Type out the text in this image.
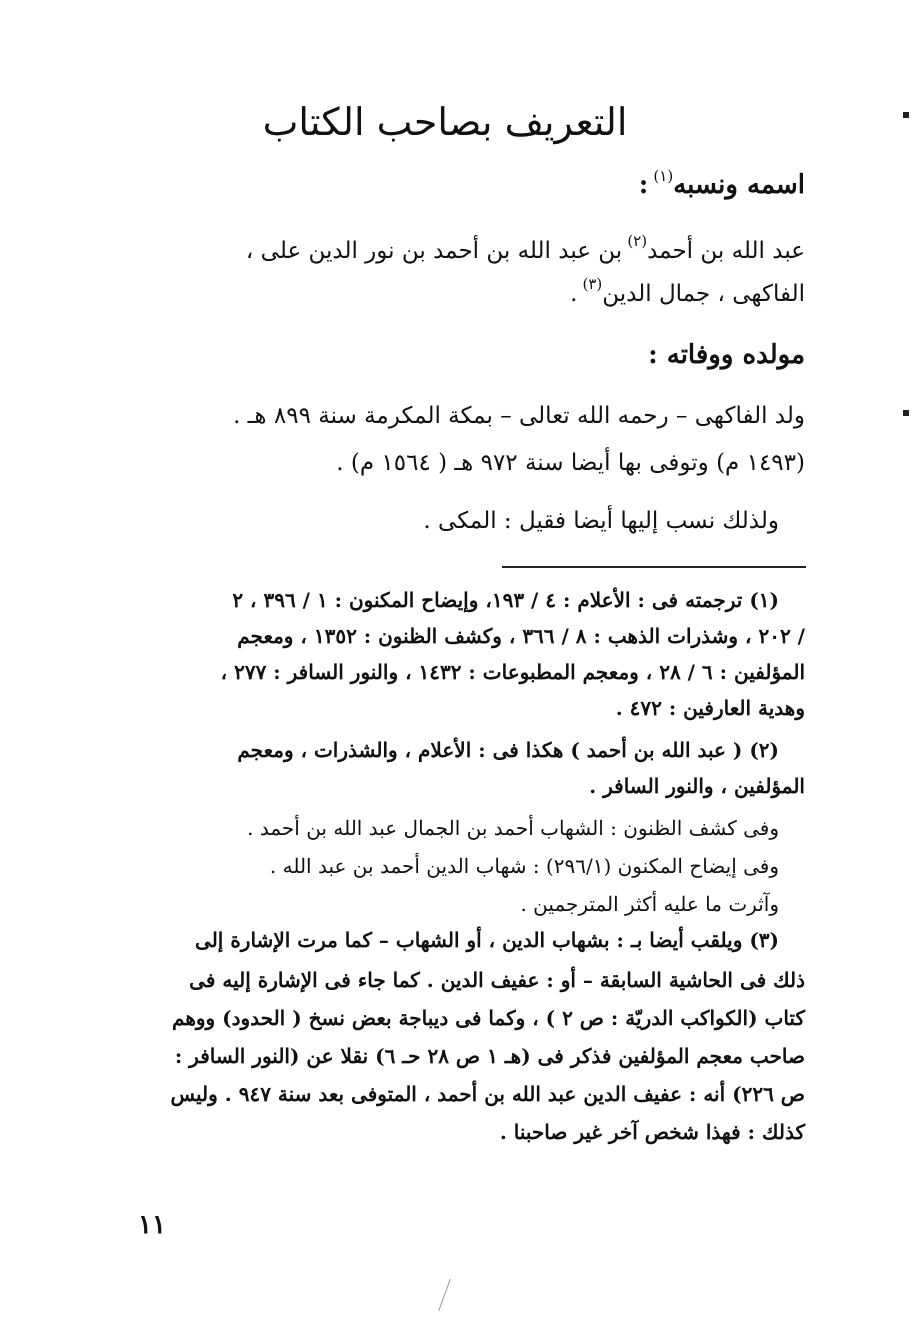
التعريف بصاحب الكتاب
اسمه ونسبه$^{(١)}$ :
عبد الله بن أحمد$^{(٢)}$ بن عبد الله بن أحمد بن نور الدين على ،
الفاكهى ، جمال الدين$^{(٣)}$ .
مولده ووفاته :
ولد الفاكهى – رحمه الله تعالى – بمكة المكرمة سنة ٨٩٩ هـ .
(١٤٩٣ م) وتوفى بها أيضا سنة ٩٧٢ هـ ( ١٥٦٤ م) .
ولذلك نسب إليها أيضا فقيل : المكى .
(١) ترجمته فى : الأعلام : ٤ / ١٩٣، وإيضاح المكنون : ١ / ٣٩٦ ، ٢
/ ٢٠٢ ، وشذرات الذهب : ٨ / ٣٦٦ ، وكشف الظنون : ١٣٥٢ ، ومعجم
المؤلفين : ٦ / ٢٨ ، ومعجم المطبوعات : ١٤٣٢ ، والنور السافر : ٢٧٧ ،
وهدية العارفين : ٤٧٢ .
(٢) ( عبد الله بن أحمد ) هكذا فى : الأعلام ، والشذرات ، ومعجم
المؤلفين ، والنور السافر .
وفى كشف الظنون : الشهاب أحمد بن الجمال عبد الله بن أحمد .
وفى إيضاح المكنون (٢٩٦/١) : شهاب الدين أحمد بن عبد الله .
وآثرت ما عليه أكثر المترجمين .
(٣) ويلقب أيضا بـ : بشهاب الدين ، أو الشهاب – كما مرت الإشارة إلى
ذلك فى الحاشية السابقة – أو : عفيف الدين . كما جاء فى الإشارة إليه فى
كتاب (الكواكب الدريّة : ص ٢ ) ، وكما فى ديباجة بعض نسخ ( الحدود) ووهم
صاحب معجم المؤلفين فذكر فى (هـ ١ ص ٢٨ حـ ٦) نقلا عن (النور السافر :
ص ٢٢٦) أنه : عفيف الدين عبد الله بن أحمد ، المتوفى بعد سنة ٩٤٧ . وليس
كذلك : فهذا شخص آخر غير صاحبنا .
١١
